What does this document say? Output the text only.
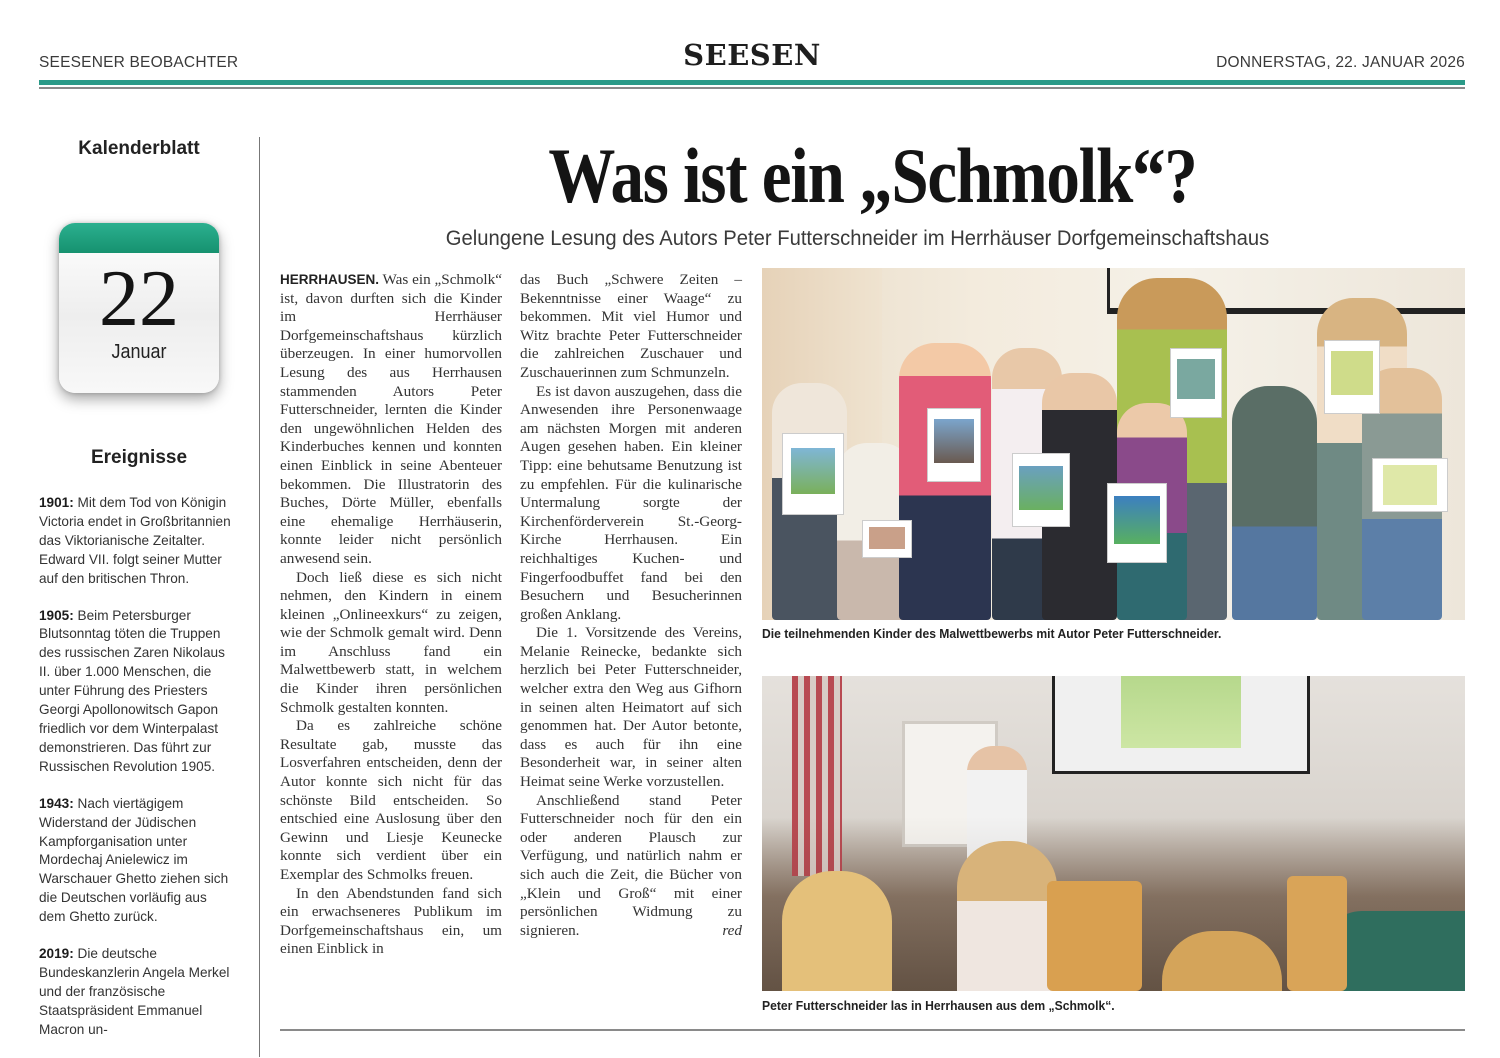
SEESENER BEOBACHTER	SEESEN	DONNERSTAG, 22. JANUAR 2026
Kalenderblatt
22
Januar
Ereignisse

1901: Mit dem Tod von Königin Victoria endet in Großbritannien das Viktorianische Zeitalter. Edward VII. folgt seiner Mutter auf den britischen Thron.

1905: Beim Petersburger Blutsonntag töten die Truppen des russischen Zaren Nikolaus II. über 1.000 Menschen, die unter Führung des Priesters Georgi Apollonowitsch Gapon friedlich vor dem Winterpalast demonstrieren. Das führt zur Russischen Revolution 1905.

1943: Nach viertägigem Widerstand der Jüdischen Kampforganisation unter Mordechaj Anielewicz im Warschauer Ghetto ziehen sich die Deutschen vorläufig aus dem Ghetto zurück.

2019: Die deutsche Bundeskanzlerin Angela Merkel und der französische Staatspräsident Emmanuel Macron un-

Was ist ein „Schmolk“?
Gelungene Lesung des Autors Peter Futterschneider im Herrhäuser Dorfgemeinschaftshaus

HERRHAUSEN. Was ein „Schmolk“ ist, davon durften sich die Kinder im Herrhäuser Dorfgemeinschaftshaus kürzlich überzeugen. In einer humorvollen Lesung des aus Herrhausen stammenden Autors Peter Futterschneider, lernten die Kinder den ungewöhnlichen Helden des Kinderbuches kennen und konnten einen Einblick in seine Abenteuer bekommen. Die Illustratorin des Buches, Dörte Müller, ebenfalls eine ehemalige Herrhäuserin, konnte leider nicht persönlich anwesend sein.

Doch ließ diese es sich nicht nehmen, den Kindern in einem kleinen „Onlineexkurs“ zu zeigen, wie der Schmolk gemalt wird. Denn im Anschluss fand ein Malwettbewerb statt, in welchem die Kinder ihren persönlichen Schmolk gestalten konnten.

Da es zahlreiche schöne Resultate gab, musste das Losverfahren entscheiden, denn der Autor konnte sich nicht für das schönste Bild entscheiden. So entschied eine Auslosung über den Gewinn und Liesje Keunecke konnte sich verdient über ein Exemplar des Schmolks freuen.

In den Abendstunden fand sich ein erwachseneres Publikum im Dorfgemeinschaftshaus ein, um einen Einblick in

das Buch „Schwere Zeiten – Bekenntnisse einer Waage“ zu bekommen. Mit viel Humor und Witz brachte Peter Futterschneider die zahlreichen Zuschauer und Zuschauerinnen zum Schmunzeln.

Es ist davon auszugehen, dass die Anwesenden ihre Personenwaage am nächsten Morgen mit anderen Augen gesehen haben. Ein kleiner Tipp: eine behutsame Benutzung ist zu empfehlen. Für die kulinarische Untermalung sorgte der Kirchenförderverein St.-Georg-Kirche Herrhausen. Ein reichhaltiges Kuchen- und Fingerfoodbuffet fand bei den Besuchern und Besucherinnen großen Anklang.

Die 1. Vorsitzende des Vereins, Melanie Reinecke, bedankte sich herzlich bei Peter Futterschneider, welcher extra den Weg aus Gifhorn in seinen alten Heimatort auf sich genommen hat. Der Autor betonte, dass es auch für ihn eine Besonderheit war, in seiner alten Heimat seine Werke vorzustellen.

Anschließend stand Peter Futterschneider noch für den ein oder anderen Plausch zur Verfügung, und natürlich nahm er sich auch die Zeit, die Bücher von „Klein und Groß“ mit einer persönlichen Widmung zu signieren.	red

Die teilnehmenden Kinder des Malwettbewerbs mit Autor Peter Futterschneider.
Peter Futterschneider las in Herrhausen aus dem „Schmolk“.
